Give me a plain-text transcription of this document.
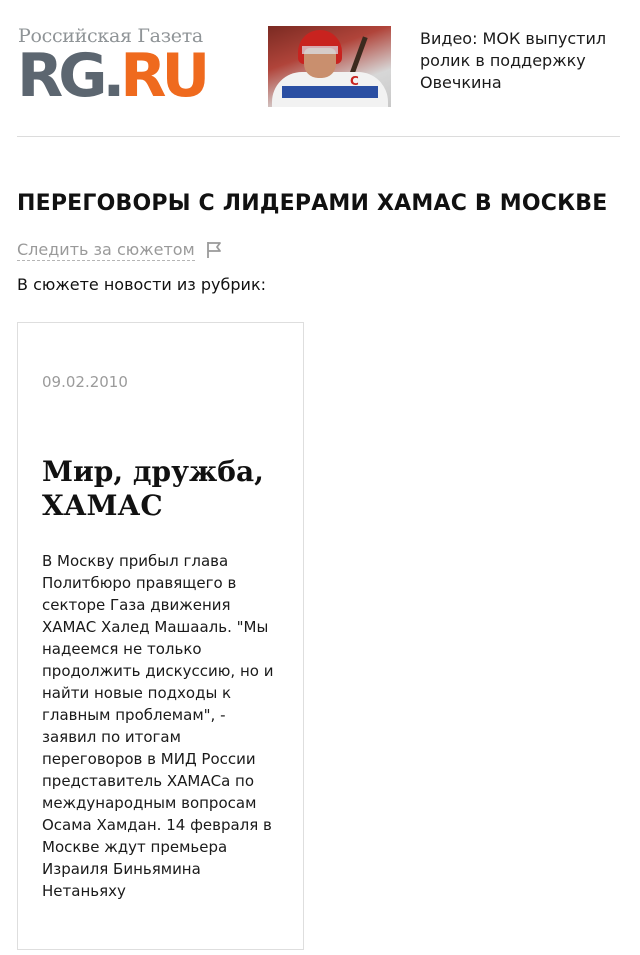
Российская Газета
RG.RU	C
Видео: МОК выпустил ролик в поддержку Овечкина
ПЕРЕГОВОРЫ С ЛИДЕРАМИ ХАМАС В МОСКВЕ
Следить за сюжетом
В сюжете новости из рубрик:
09.02.2010
Мир, дружба, ХАМАС
В Москву прибыл глава Политбюро правящего в секторе Газа движения ХАМАС Халед Машааль. "Мы надеемся не только продолжить дискуссию, но и найти новые подходы к главным проблемам", - заявил по итогам переговоров в МИД России представитель ХАМАСа по международным вопросам Осама Хамдан. 14 февраля в Москве ждут премьера Израиля Биньямина Нетаньяху
